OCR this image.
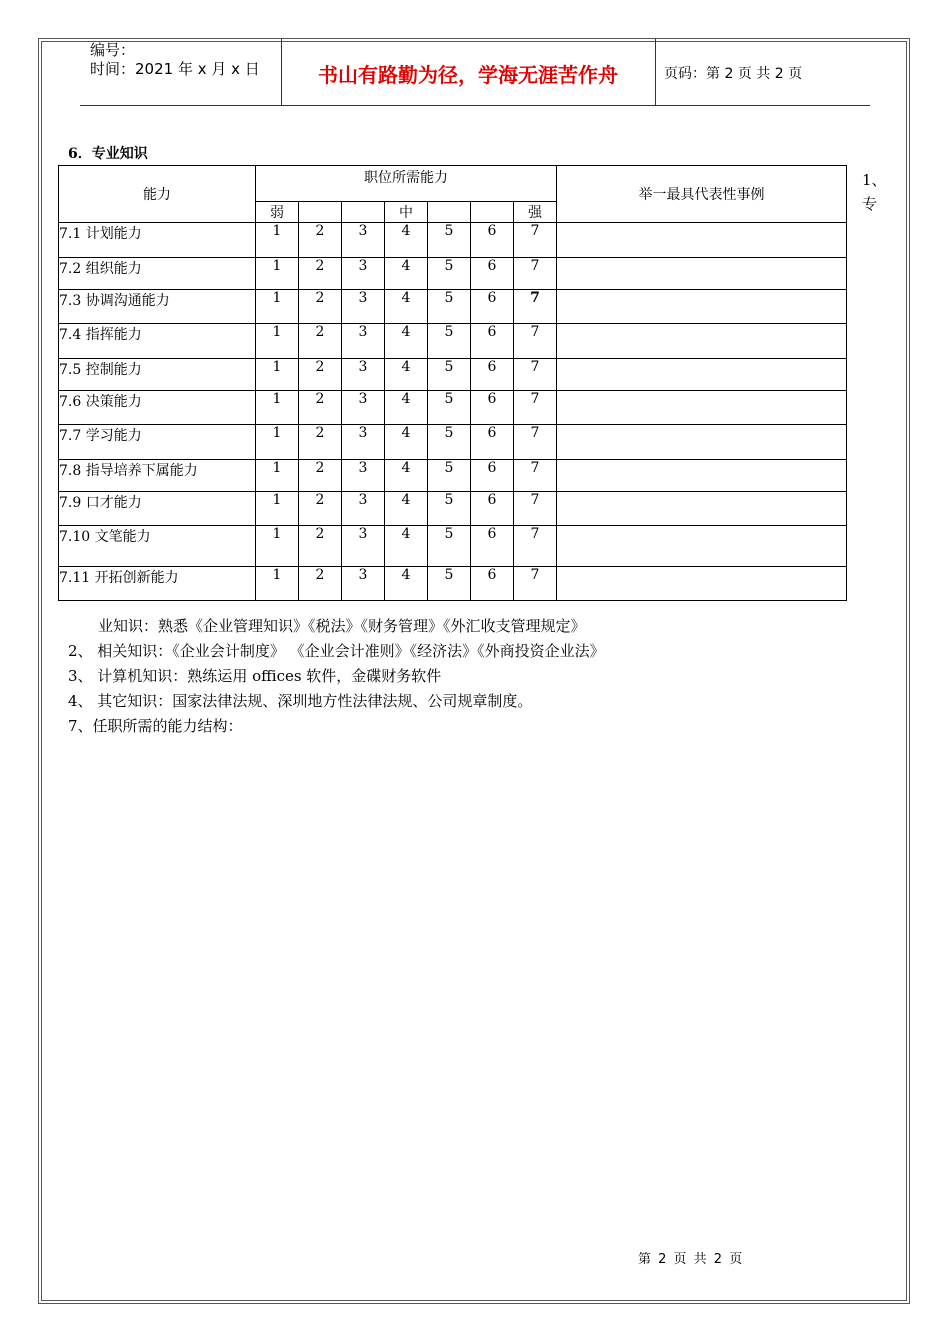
编号：
时间：2021 年 x 月 x 日	书山有路勤为径，学海无涯苦作舟	页码：第 2 页 共 2 页
6．专业知识
1、
专
能力	职位所需能力							举一最具代表性事例
	弱			中			强	
7.1 计划能力	1	2	3	4	5	6	7	
7.2 组织能力	1	2	3	4	5	6	7	
7.3 协调沟通能力	1	2	3	4	5	6	7	
7.4 指挥能力	1	2	3	4	5	6	7	
7.5 控制能力	1	2	3	4	5	6	7	
7.6 决策能力	1	2	3	4	5	6	7	
7.7 学习能力	1	2	3	4	5	6	7	
7.8 指导培养下属能力	1	2	3	4	5	6	7	
7.9 口才能力	1	2	3	4	5	6	7	
7.10 文笔能力	1	2	3	4	5	6	7	
7.11 开拓创新能力	1	2	3	4	5	6	7	
业知识：熟悉《企业管理知识》《税法》《财务管理》《外汇收支管理规定》
2、 相关知识：《企业会计制度》 《企业会计准则》《经济法》《外商投资企业法》
3、 计算机知识：熟练运用 offices 软件，金碟财务软件
4、 其它知识：国家法律法规、深圳地方性法律法规、公司规章制度。
7、任职所需的能力结构：
第 2 页 共 2 页
